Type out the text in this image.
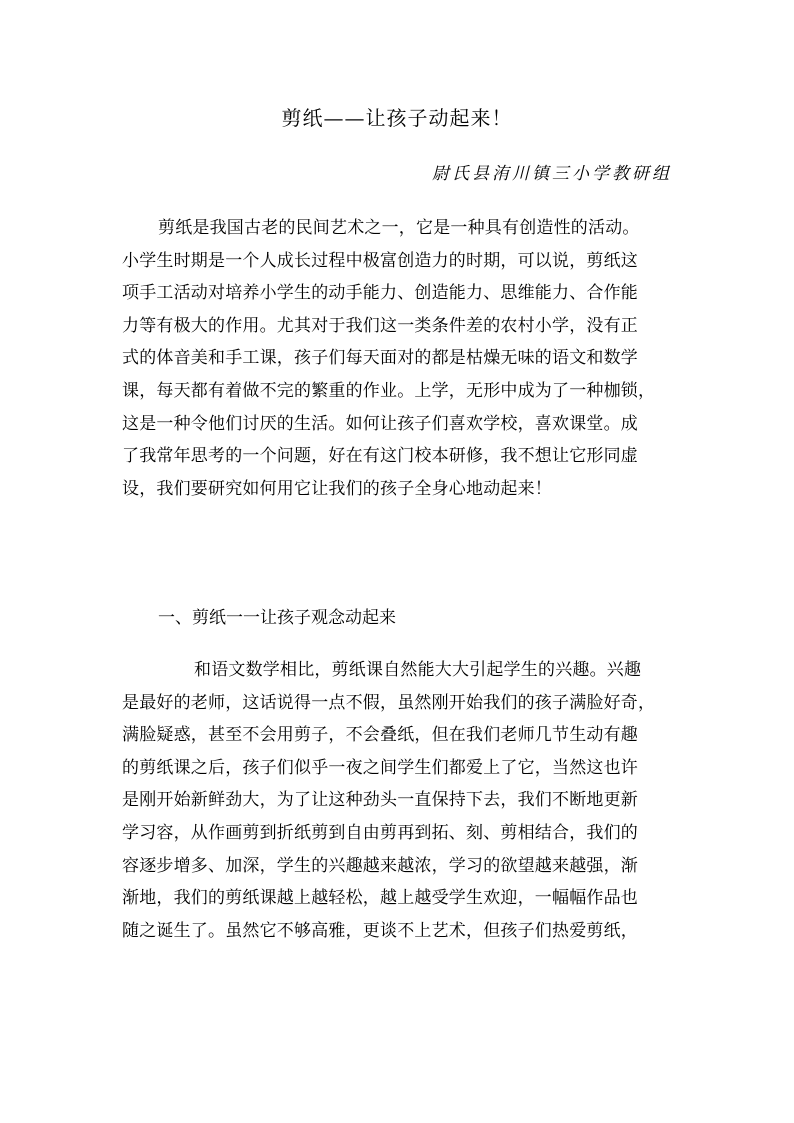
剪纸——让孩子动起来！
尉氏县洧川镇三小学教研组
剪纸是我国古老的民间艺术之一，它是一种具有创造性的活动。
小学生时期是一个人成长过程中极富创造力的时期，可以说，剪纸这
项手工活动对培养小学生的动手能力、创造能力、思维能力、合作能
力等有极大的作用。尤其对于我们这一类条件差的农村小学，没有正
式的体音美和手工课，孩子们每天面对的都是枯燥无味的语文和数学
课，每天都有着做不完的繁重的作业。上学，无形中成为了一种枷锁，
这是一种令他们讨厌的生活。如何让孩子们喜欢学校，喜欢课堂。成
了我常年思考的一个问题，好在有这门校本研修，我不想让它形同虚
设，我们要研究如何用它让我们的孩子全身心地动起来！
一、剪纸一一让孩子观念动起来
和语文数学相比，剪纸课自然能大大引起学生的兴趣。兴趣
是最好的老师，这话说得一点不假，虽然刚开始我们的孩子满脸好奇，
满脸疑惑，甚至不会用剪子，不会叠纸，但在我们老师几节生动有趣
的剪纸课之后，孩子们似乎一夜之间学生们都爱上了它，当然这也许
是刚开始新鲜劲大，为了让这种劲头一直保持下去，我们不断地更新
学习容，从作画剪到折纸剪到自由剪再到拓、刻、剪相结合，我们的
容逐步增多、加深，学生的兴趣越来越浓，学习的欲望越来越强，渐
渐地，我们的剪纸课越上越轻松，越上越受学生欢迎，一幅幅作品也
随之诞生了。虽然它不够高雅，更谈不上艺术，但孩子们热爱剪纸，
